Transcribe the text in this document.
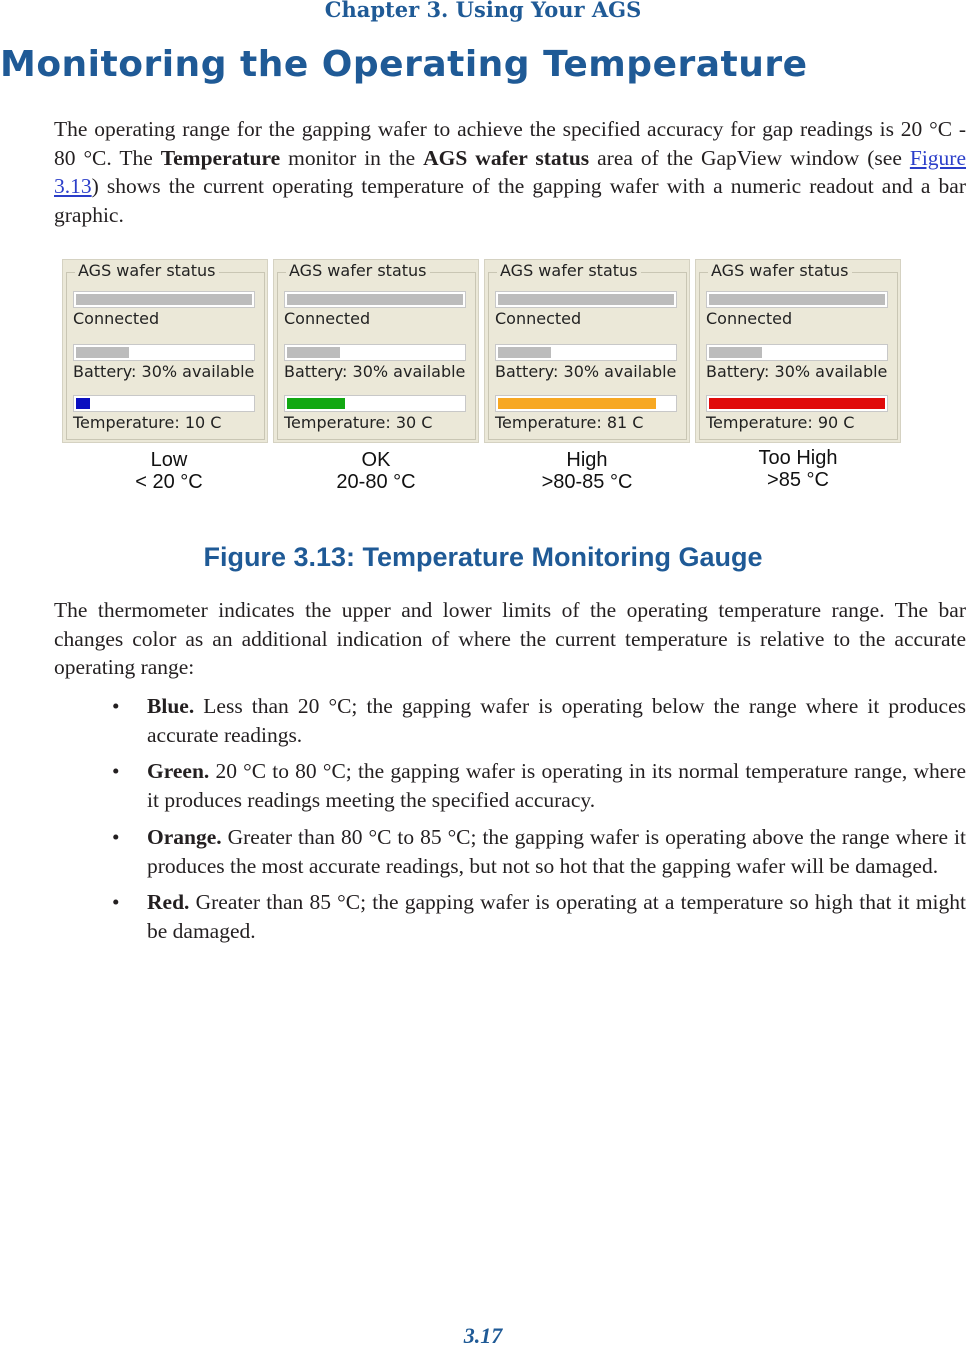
Chapter 3. Using Your AGS
Monitoring the Operating Temperature

The operating range for the gapping wafer to achieve the specified accuracy for gap readings is 20 °C - 80 °C. The Temperature monitor in the AGS wafer status area of the GapView window (see Figure 3.13) shows the current operating temperature of the gapping wafer with a numeric readout and a bar graphic.

AGS wafer status
Connected
Battery: 30% available
Temperature: 10 C
Low
< 20 °C
AGS wafer status
Connected
Battery: 30% available
Temperature: 30 C
OK
20-80 °C
AGS wafer status
Connected
Battery: 30% available
Temperature: 81 C
High
>80-85 °C
AGS wafer status
Connected
Battery: 30% available
Temperature: 90 C
Too High
>85 °C
Figure 3.13: Temperature Monitoring Gauge

The thermometer indicates the upper and lower limits of the operating temperature range. The bar changes color as an additional indication of where the current temperature is relative to the accurate operating range:

• Blue. Less than 20 °C; the gapping wafer is operating below the range where it produces accurate readings.
• Green. 20 °C to 80 °C; the gapping wafer is operating in its normal temperature range, where it produces readings meeting the specified accuracy.
• Orange. Greater than 80 °C to 85 °C; the gapping wafer is operating above the range where it produces the most accurate readings, but not so hot that the gapping wafer will be damaged.
• Red. Greater than 85 °C; the gapping wafer is operating at a temperature so high that it might be damaged.
3.17
